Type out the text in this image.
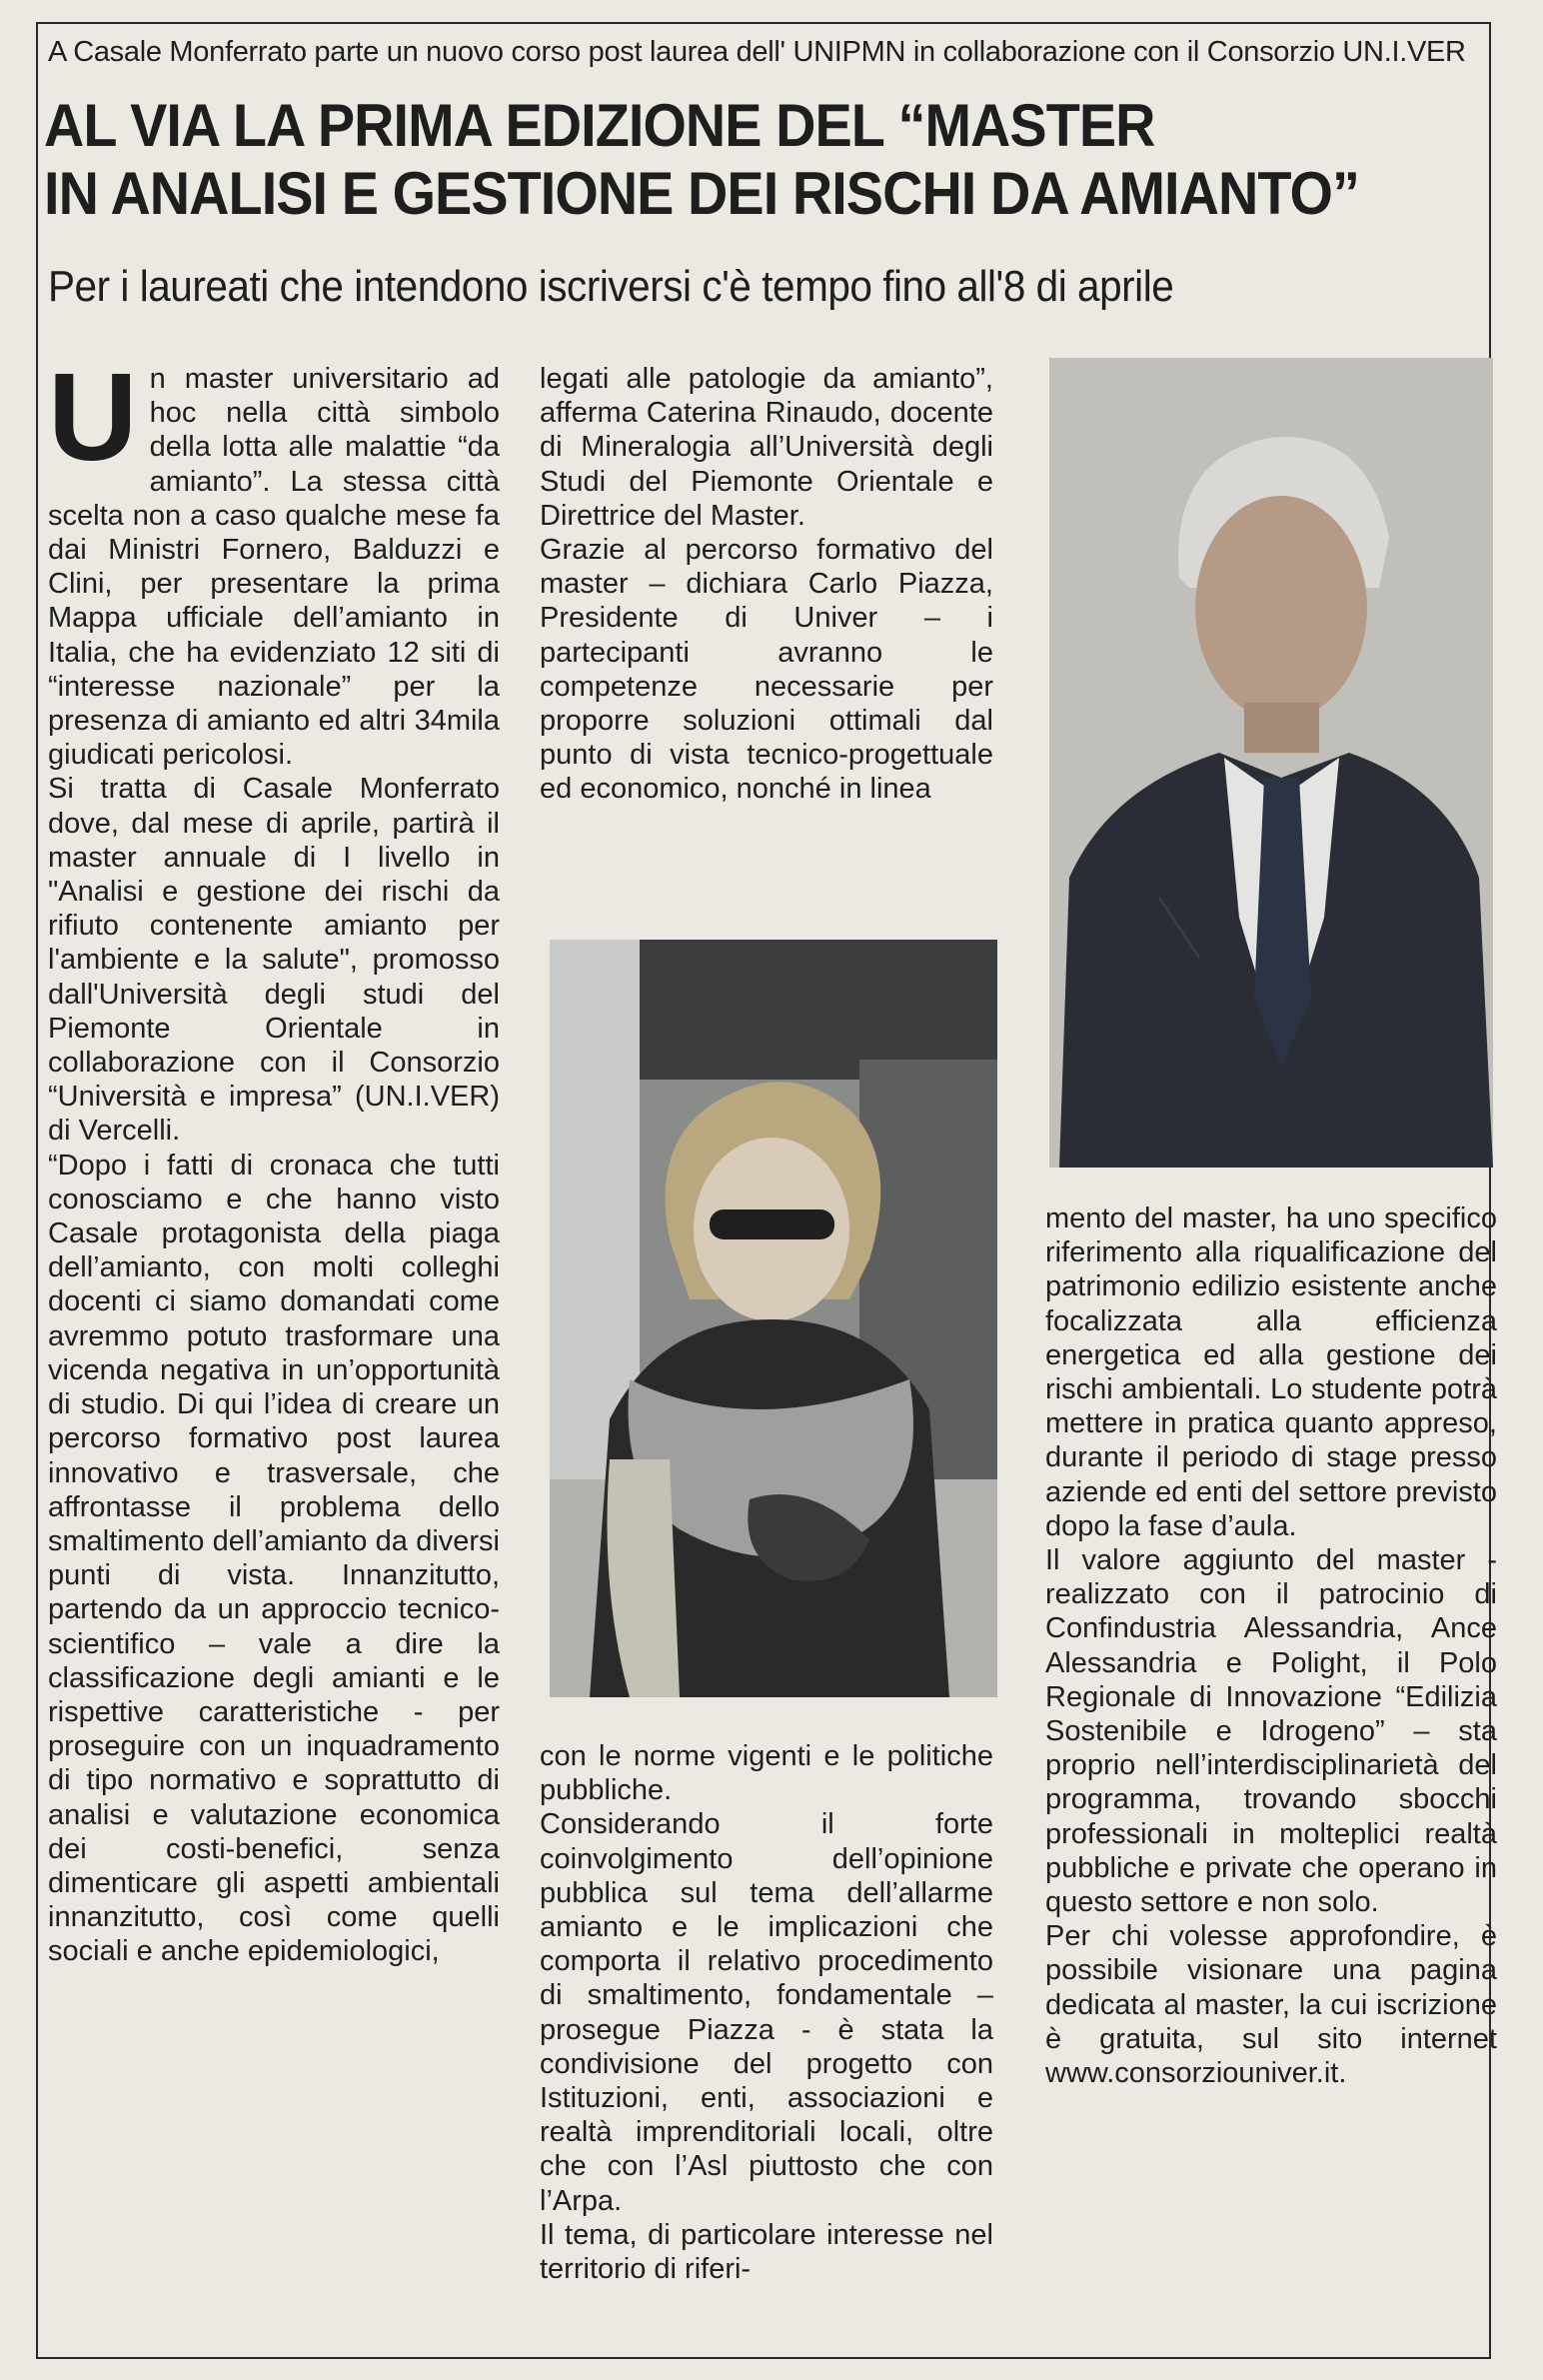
A Casale Monferrato parte un nuovo corso post laurea dell' UNIPMN in collaborazione con il Consorzio UN.I.VER
AL VIA LA PRIMA EDIZIONE DEL “MASTER
IN ANALISI E GESTIONE DEI RISCHI DA AMIANTO”
Per i laureati che intendono iscriversi c'è tempo fino all'8 di aprile

Un master universitario ad hoc nella città simbolo della lotta alle malattie “da amianto”. La stessa città scelta non a caso qualche mese fa dai Ministri Fornero, Balduzzi e Clini, per presentare la prima Mappa ufficiale dell’amianto in Italia, che ha evidenziato 12 siti di “interesse nazionale” per la presenza di amianto ed altri 34mila giudicati pericolosi.

Si tratta di Casale Monferrato dove, dal mese di aprile, partirà il master annuale di I livello in "Analisi e gestione dei rischi da rifiuto contenente amianto per l'ambiente e la salute", promosso dall'Università degli studi del Piemonte Orientale in collaborazione con il Consorzio “Università e impresa” (UN.I.VER) di Vercelli.

“Dopo i fatti di cronaca che tutti conosciamo e che hanno visto Casale protagonista della piaga dell’amianto, con molti colleghi docenti ci siamo domandati come avremmo potuto trasformare una vicenda negativa in un’opportunità di studio. Di qui l’idea di creare un percorso formativo post laurea innovativo e trasversale, che affrontasse il problema dello smaltimento dell’amianto da diversi punti di vista. Innanzitutto, partendo da un approccio tecnico-scientifico – vale a dire la classificazione degli amianti e le rispettive caratteristiche - per proseguire con un inquadramento di tipo normativo e soprattutto di analisi e valutazione economica dei costi-benefici, senza dimenticare gli aspetti ambientali innanzitutto, così come quelli sociali e anche epidemiologici,

legati alle patologie da amianto”, afferma Caterina Rinaudo, docente di Mineralogia all’Università degli Studi del Piemonte Orientale e Direttrice del Master.

Grazie al percorso formativo del master – dichiara Carlo Piazza, Presidente di Univer – i partecipanti avranno le competenze necessarie per proporre soluzioni ottimali dal punto di vista tecnico-progettuale ed economico, nonché in linea

con le norme vigenti e le politiche pubbliche.

Considerando il forte coinvolgimento dell’opinione pubblica sul tema dell’allarme amianto e le implicazioni che comporta il relativo procedimento di smaltimento, fondamentale – prosegue Piazza - è stata la condivisione del progetto con Istituzioni, enti, associazioni e realtà imprenditoriali locali, oltre che con l’Asl piuttosto che con l’Arpa.

Il tema, di particolare interesse nel territorio di riferi-

mento del master, ha uno specifico riferimento alla riqualificazione del patrimonio edilizio esistente anche focalizzata alla efficienza energetica ed alla gestione dei rischi ambientali. Lo studente potrà mettere in pratica quanto appreso, durante il periodo di stage presso aziende ed enti del settore previsto dopo la fase d’aula.

Il valore aggiunto del master - realizzato con il patrocinio di Confindustria Alessandria, Ance Alessandria e Polight, il Polo Regionale di Innovazione “Edilizia Sostenibile e Idrogeno” – sta proprio nell’interdisciplinarietà del programma, trovando sbocchi professionali in molteplici realtà pubbliche e private che operano in questo settore e non solo.

Per chi volesse approfondire, è possibile visionare una pagina dedicata al master, la cui iscrizione è gratuita, sul sito internet www.consorziouniver.it.
